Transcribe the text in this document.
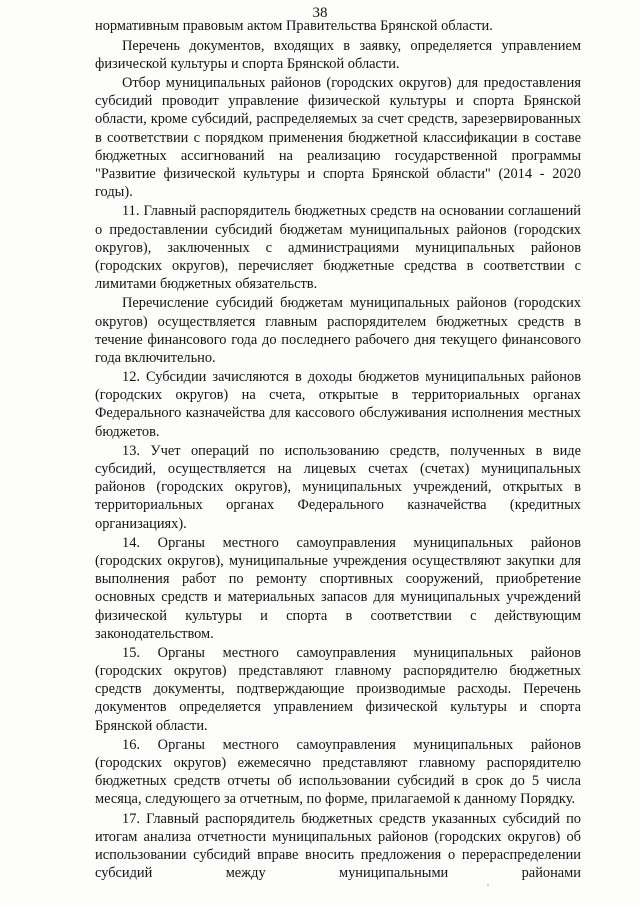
38

нормативным правовым актом Правительства Брянской области.

Перечень документов, входящих в заявку, определяется управлением физической культуры и спорта Брянской области.

Отбор муниципальных районов (городских округов) для предоставления субсидий проводит управление физической культуры и спорта Брянской области, кроме субсидий, распределяемых за счет средств, зарезервированных в соответствии с порядком применения бюджетной классификации в составе бюджетных ассигнований на реализацию государственной программы "Развитие физической культуры и спорта Брянской области" (2014 - 2020 годы).

11. Главный распорядитель бюджетных средств на основании соглашений о предоставлении субсидий бюджетам муниципальных районов (городских округов), заключенных с администрациями муниципальных районов (городских округов), перечисляет бюджетные средства в соответствии с лимитами бюджетных обязательств.

Перечисление субсидий бюджетам муниципальных районов (городских округов) осуществляется главным распорядителем бюджетных средств в течение финансового года до последнего рабочего дня текущего финансового года включительно.

12. Субсидии зачисляются в доходы бюджетов муниципальных районов (городских округов) на счета, открытые в территориальных органах Федерального казначейства для кассового обслуживания исполнения местных бюджетов.

13. Учет операций по использованию средств, полученных в виде субсидий, осуществляется на лицевых счетах (счетах) муниципальных районов (городских округов), муниципальных учреждений, открытых в территориальных органах Федерального казначейства (кредитных организациях).

14. Органы местного самоуправления муниципальных районов (городских округов), муниципальные учреждения осуществляют закупки для выполнения работ по ремонту спортивных сооружений, приобретение основных средств и материальных запасов для муниципальных учреждений физической культуры и спорта в соответствии с действующим законодательством.

15. Органы местного самоуправления муниципальных районов (городских округов) представляют главному распорядителю бюджетных средств документы, подтверждающие производимые расходы. Перечень документов определяется управлением физической культуры и спорта Брянской области.

16. Органы местного самоуправления муниципальных районов (городских округов) ежемесячно представляют главному распорядителю бюджетных средств отчеты об использовании субсидий в срок до 5 числа месяца, следующего за отчетным, по форме, прилагаемой к данному Порядку.

17. Главный распорядитель бюджетных средств указанных субсидий по итогам анализа отчетности муниципальных районов (городских округов) об использовании субсидий вправе вносить предложения о перераспределении субсидий между муниципальными районами
